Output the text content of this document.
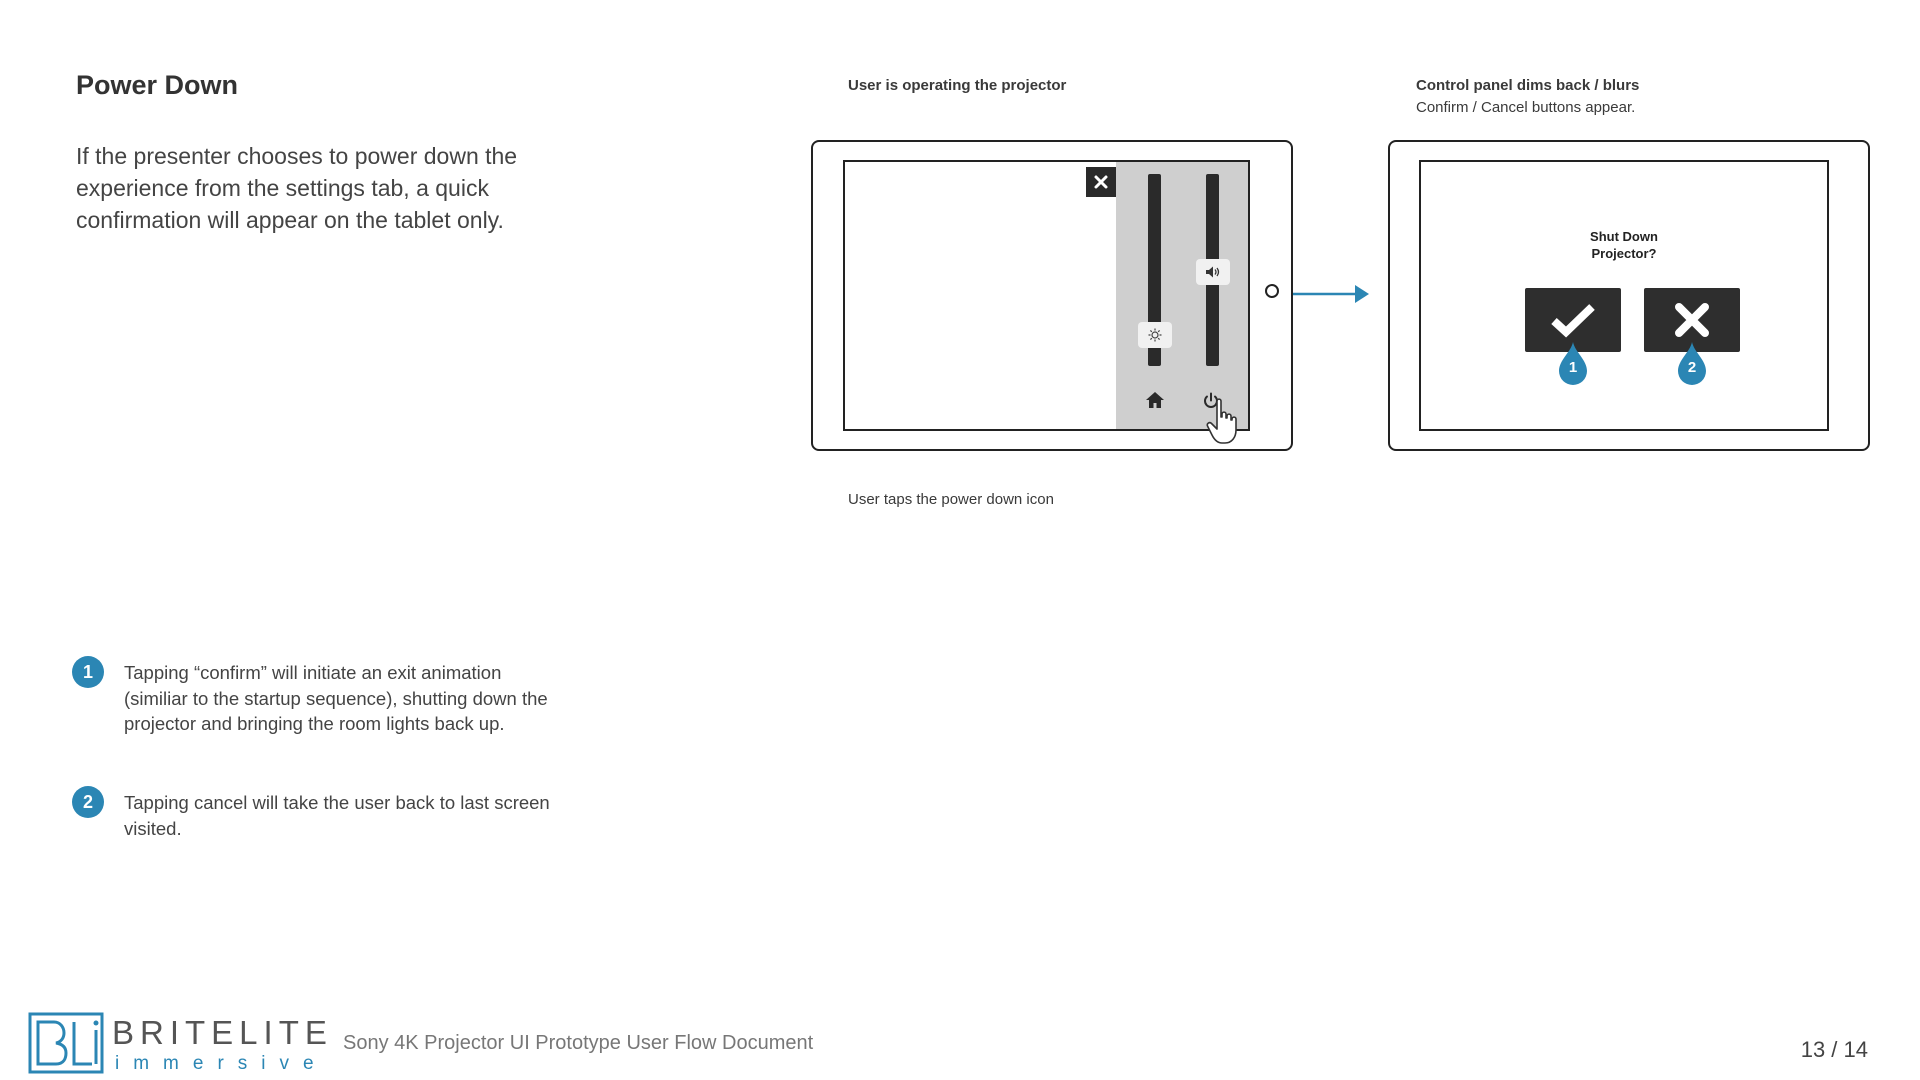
Power Down
If the presenter chooses to power down the experience from the settings tab, a quick confirmation will appear on the tablet only.
1	Tapping “confirm” will initiate an exit animation (similiar to the startup sequence), shutting down the projector and bringing the room lights back up.
2	Tapping cancel will take the user back to last screen visited.
User is operating the projector
User taps the power down icon
Control panel dims back / blurs
Confirm / Cancel buttons appear.
Shut Down
Projector?
1	2
BRITELITE
immersive
Sony 4K Projector UI Prototype User Flow Document	13 / 14
